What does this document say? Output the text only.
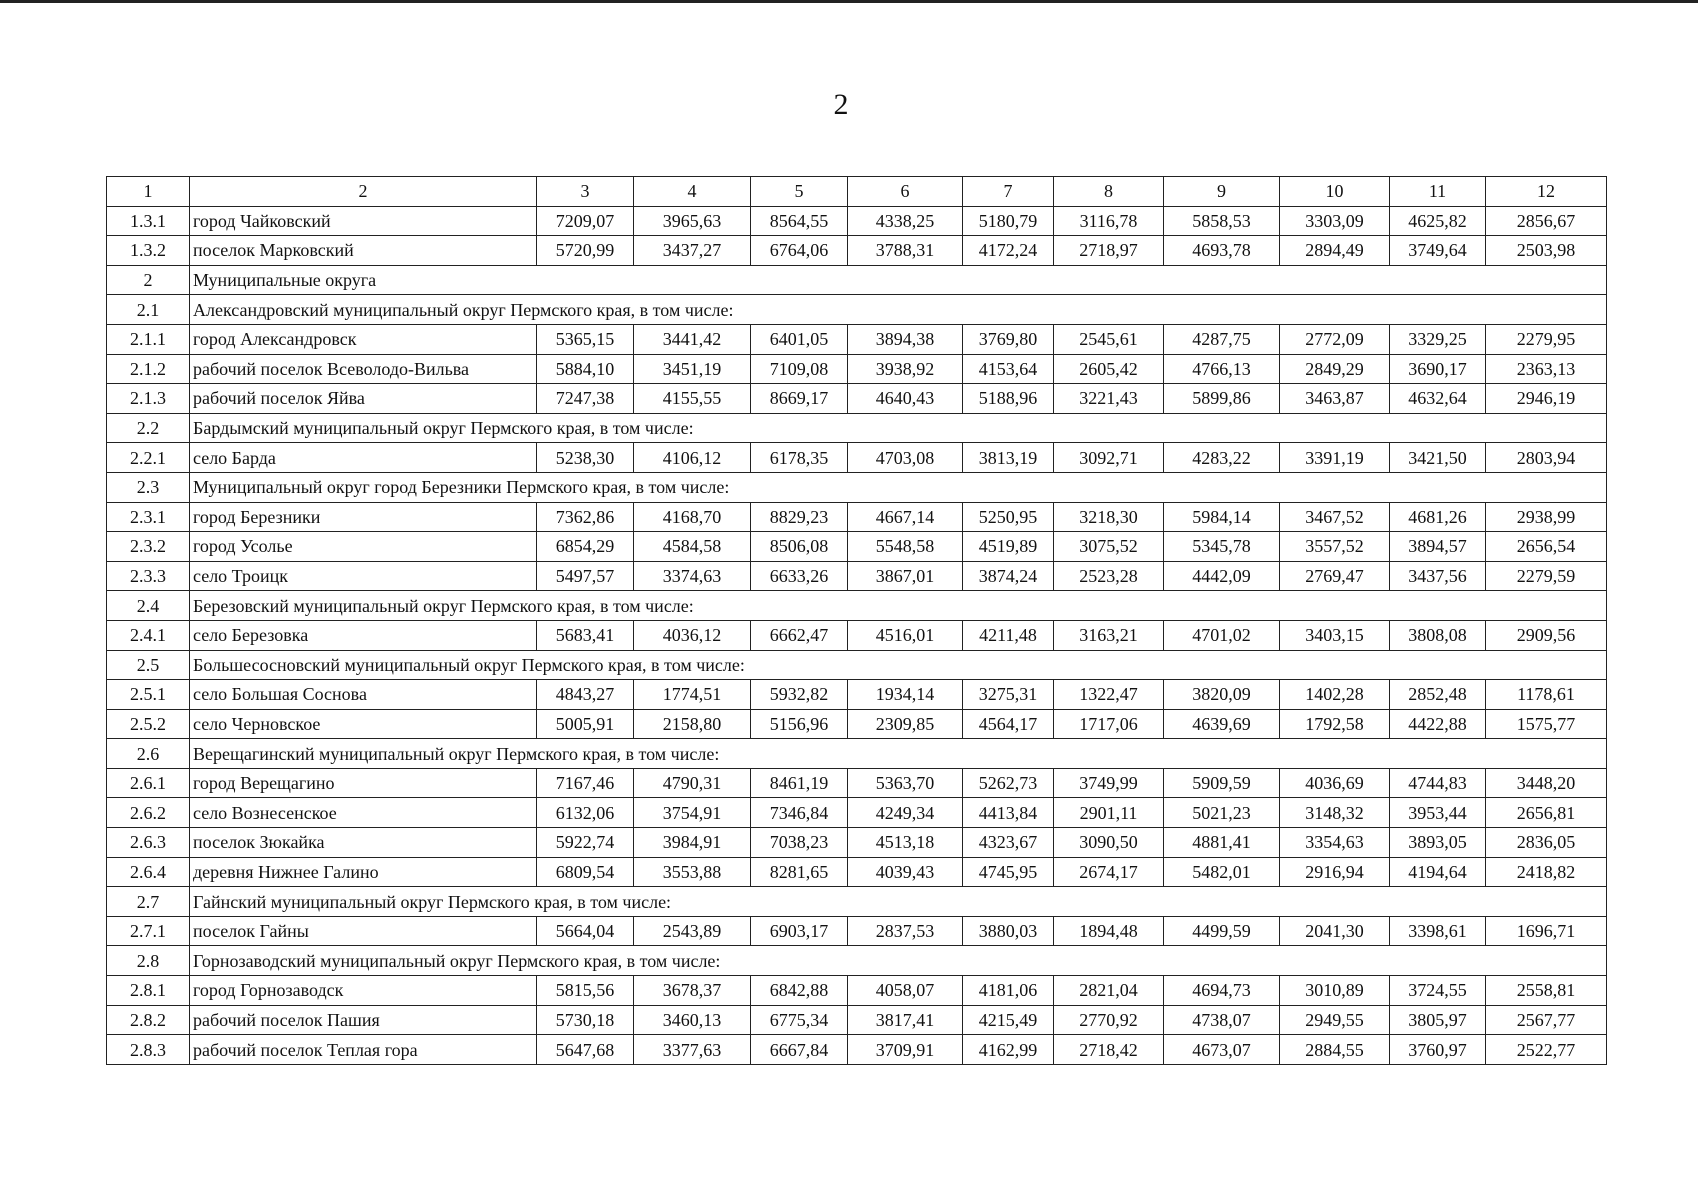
2
1	2	3	4	5	6	7	8	9	10	11	12
1.3.1	город Чайковский	7209,07	3965,63	8564,55	4338,25	5180,79	3116,78	5858,53	3303,09	4625,82	2856,67
1.3.2	поселок Марковский	5720,99	3437,27	6764,06	3788,31	4172,24	2718,97	4693,78	2894,49	3749,64	2503,98
2	Муниципальные округа										
2.1	Александровский муниципальный округ Пермского края, в том числе:										
2.1.1	город Александровск	5365,15	3441,42	6401,05	3894,38	3769,80	2545,61	4287,75	2772,09	3329,25	2279,95
2.1.2	рабочий поселок Всеволодо-Вильва	5884,10	3451,19	7109,08	3938,92	4153,64	2605,42	4766,13	2849,29	3690,17	2363,13
2.1.3	рабочий поселок Яйва	7247,38	4155,55	8669,17	4640,43	5188,96	3221,43	5899,86	3463,87	4632,64	2946,19
2.2	Бардымский муниципальный округ Пермского края, в том числе:										
2.2.1	село Барда	5238,30	4106,12	6178,35	4703,08	3813,19	3092,71	4283,22	3391,19	3421,50	2803,94
2.3	Муниципальный округ город Березники Пермского края, в том числе:										
2.3.1	город Березники	7362,86	4168,70	8829,23	4667,14	5250,95	3218,30	5984,14	3467,52	4681,26	2938,99
2.3.2	город Усолье	6854,29	4584,58	8506,08	5548,58	4519,89	3075,52	5345,78	3557,52	3894,57	2656,54
2.3.3	село Троицк	5497,57	3374,63	6633,26	3867,01	3874,24	2523,28	4442,09	2769,47	3437,56	2279,59
2.4	Березовский муниципальный округ Пермского края, в том числе:										
2.4.1	село Березовка	5683,41	4036,12	6662,47	4516,01	4211,48	3163,21	4701,02	3403,15	3808,08	2909,56
2.5	Большесосновский муниципальный округ Пермского края, в том числе:										
2.5.1	село Большая Соснова	4843,27	1774,51	5932,82	1934,14	3275,31	1322,47	3820,09	1402,28	2852,48	1178,61
2.5.2	село Черновское	5005,91	2158,80	5156,96	2309,85	4564,17	1717,06	4639,69	1792,58	4422,88	1575,77
2.6	Верещагинский муниципальный округ Пермского края, в том числе:										
2.6.1	город Верещагино	7167,46	4790,31	8461,19	5363,70	5262,73	3749,99	5909,59	4036,69	4744,83	3448,20
2.6.2	село Вознесенское	6132,06	3754,91	7346,84	4249,34	4413,84	2901,11	5021,23	3148,32	3953,44	2656,81
2.6.3	поселок Зюкайка	5922,74	3984,91	7038,23	4513,18	4323,67	3090,50	4881,41	3354,63	3893,05	2836,05
2.6.4	деревня Нижнее Галино	6809,54	3553,88	8281,65	4039,43	4745,95	2674,17	5482,01	2916,94	4194,64	2418,82
2.7	Гайнский муниципальный округ Пермского края, в том числе:										
2.7.1	поселок Гайны	5664,04	2543,89	6903,17	2837,53	3880,03	1894,48	4499,59	2041,30	3398,61	1696,71
2.8	Горнозаводский муниципальный округ Пермского края, в том числе:										
2.8.1	город Горнозаводск	5815,56	3678,37	6842,88	4058,07	4181,06	2821,04	4694,73	3010,89	3724,55	2558,81
2.8.2	рабочий поселок Пашия	5730,18	3460,13	6775,34	3817,41	4215,49	2770,92	4738,07	2949,55	3805,97	2567,77
2.8.3	рабочий поселок Теплая гора	5647,68	3377,63	6667,84	3709,91	4162,99	2718,42	4673,07	2884,55	3760,97	2522,77
